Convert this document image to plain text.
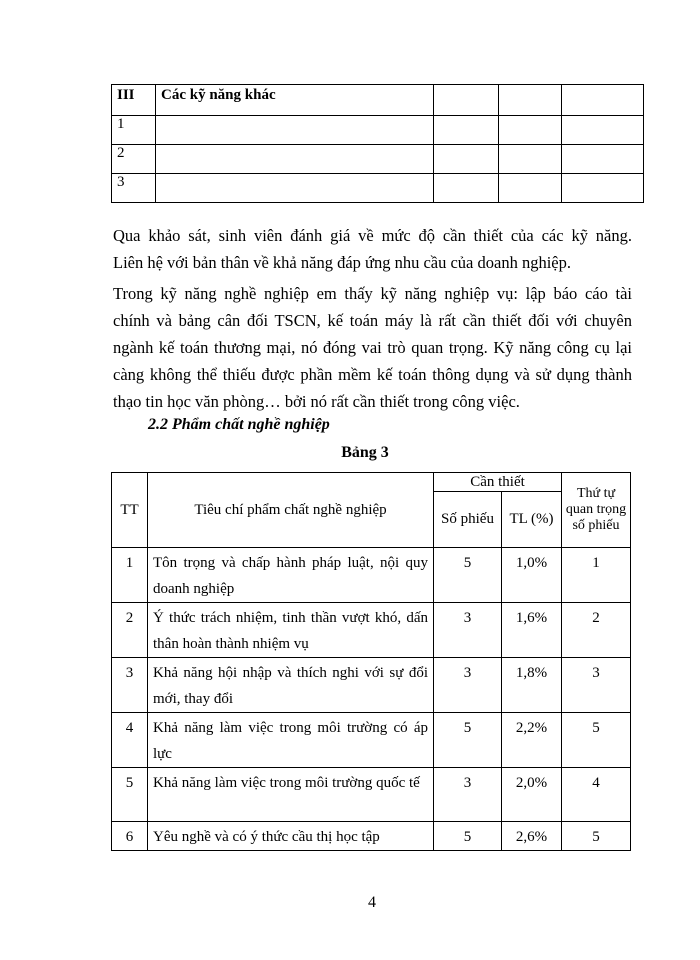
III	Các kỹ năng khác			
1				
2				
3				

Qua khảo sát, sinh viên đánh giá về mức độ cần thiết của các kỹ năng.
Liên hệ với bản thân về khả năng đáp ứng nhu cầu của doanh nghiệp.

Trong kỹ năng nghề nghiệp em thấy kỹ năng nghiệp vụ: lập báo cáo tài
chính và bảng cân đối TSCN, kế toán máy là rất cần thiết đối với chuyên
ngành kế toán thương mại, nó đóng vai trò quan trọng. Kỹ năng công cụ lại
càng không thể thiếu được phần mềm kế toán thông dụng và sử dụng thành
thạo tin học văn phòng… bởi nó rất cần thiết trong công việc.

2.2 Phẩm chất nghề nghiệp

Bảng 3

TT	Tiêu chí phẩm chất nghề nghiệp	Cần thiết		Thứ tự quan trọng số phiếu
		Số phiếu	TL (%)	
1	Tôn trọng và chấp hành pháp luật, nội quy doanh nghiệp	5	1,0%	1
2	Ý thức trách nhiệm, tinh thần vượt khó, dấn thân hoàn thành nhiệm vụ	3	1,6%	2
3	Khả năng hội nhập và thích nghi với sự đổi mới, thay đổi	3	1,8%	3
4	Khả năng làm việc trong môi trường có áp lực	5	2,2%	5
5	Khả năng làm việc trong môi trường quốc tế	3	2,0%	4
6	Yêu nghề và có ý thức cầu thị học tập	5	2,6%	5

4
